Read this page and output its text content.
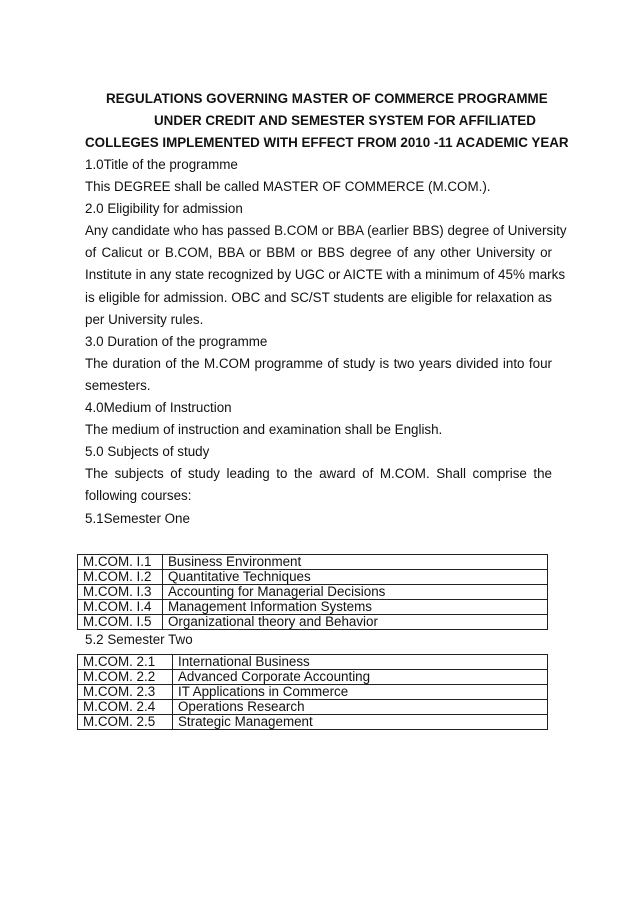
REGULATIONS GOVERNING MASTER OF COMMERCE PROGRAMME
UNDER CREDIT AND SEMESTER SYSTEM FOR AFFILIATED
COLLEGES IMPLEMENTED WITH EFFECT FROM 2010 -11 ACADEMIC YEAR
1.0Title of the programme
This DEGREE shall be called MASTER OF COMMERCE (M.COM.).
2.0 Eligibility for admission
Any candidate who has passed B.COM or BBA (earlier BBS) degree of University
of Calicut or B.COM, BBA or BBM or BBS degree of any other University or
Institute in any state recognized by UGC or AICTE with a minimum of 45% marks
is eligible for admission. OBC and SC/ST students are eligible for relaxation as
per University rules.
3.0 Duration of the programme
The duration of the M.COM programme of study is two years divided into four
semesters.
4.0Medium of Instruction
The medium of instruction and examination shall be English.
5.0 Subjects of study
The subjects of study leading to the award of M.COM. Shall comprise the
following courses:
5.1Semester One
M.COM. I.1	Business Environment
M.COM. I.2	Quantitative Techniques
M.COM. I.3	Accounting for Managerial Decisions
M.COM. I.4	Management Information Systems
M.COM. I.5	Organizational theory and Behavior
5.2 Semester Two
M.COM. 2.1	International Business
M.COM. 2.2	Advanced Corporate Accounting
M.COM. 2.3	IT Applications in Commerce
M.COM. 2.4	Operations Research
M.COM. 2.5	Strategic Management
